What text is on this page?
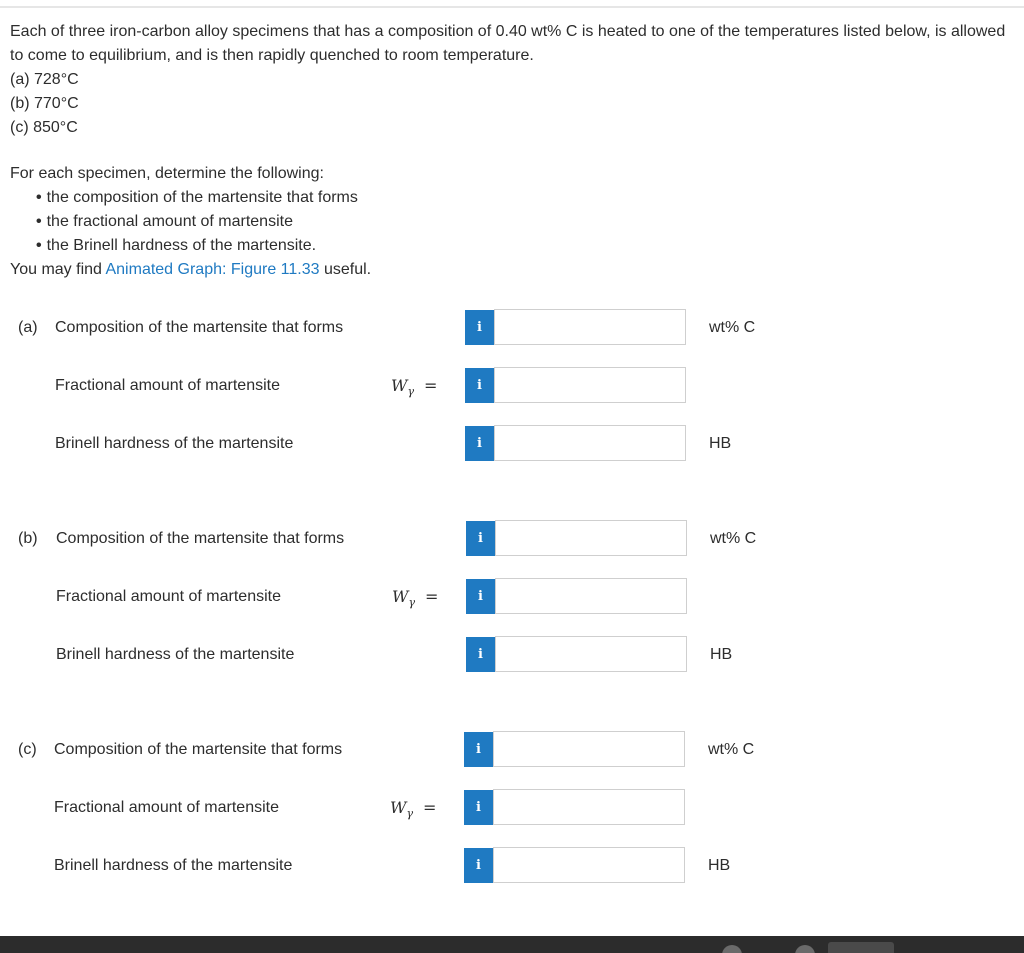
Each of three iron-carbon alloy specimens that has a composition of 0.40 wt% C is heated to one of the temperatures listed below, is allowed to come to equilibrium, and is then rapidly quenched to room temperature.

(a) 728°C
(b) 770°C
(c) 850°C

For each specimen, determine the following:

• the composition of the martensite that forms
• the fractional amount of martensite
• the Brinell hardness of the martensite.

You may find Animated Graph: Figure 11.33 useful.

(a) Composition of the martensite that forms	i	wt% C
Fractional amount of martensite	$W_\gamma$ =	i
Brinell hardness of the martensite	i	HB
(b) Composition of the martensite that forms	i	wt% C
Fractional amount of martensite	$W_\gamma$ =	i
Brinell hardness of the martensite	i	HB
(c) Composition of the martensite that forms	i	wt% C
Fractional amount of martensite	$W_\gamma$ =	i
Brinell hardness of the martensite	i	HB
